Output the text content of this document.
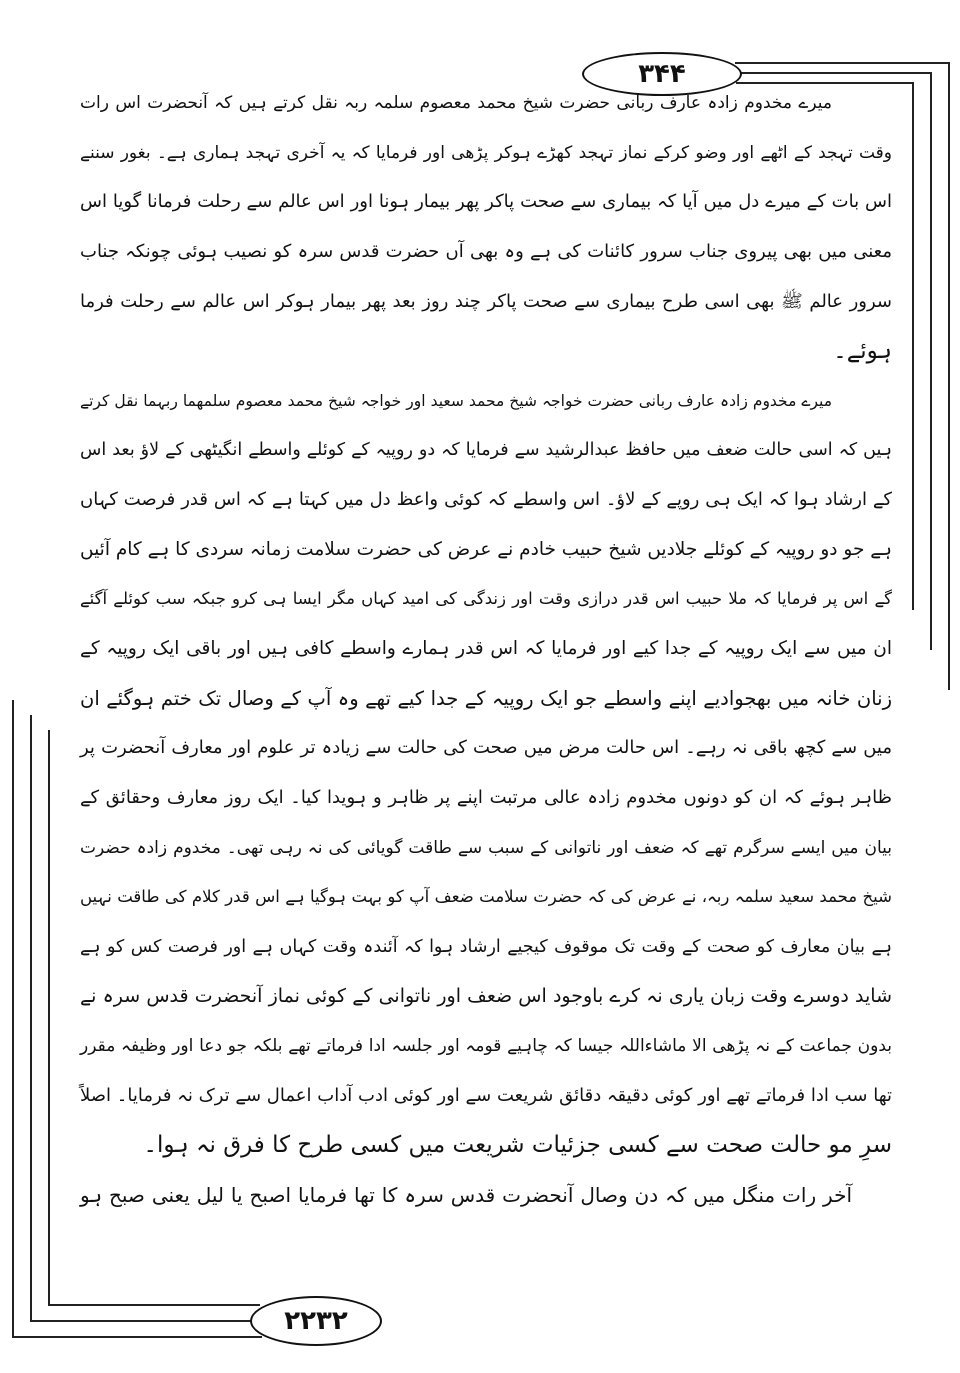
۳۴۴
۲۲۳۲
میرے مخدوم زادہ عارف ربانی حضرت شیخ محمد معصوم سلمہ ربہ نقل کرتے ہیں کہ آنحضرت اس رات
وقت تہجد کے اٹھے اور وضو کرکے نماز تہجد کھڑے ہوکر پڑھی اور فرمایا کہ یہ آخری تہجد ہماری ہے۔ بغور سننے
اس بات کے میرے دل میں آیا کہ بیماری سے صحت پاکر پھر بیمار ہونا اور اس عالم سے رحلت فرمانا گویا اس
معنی میں بھی پیروی جناب سرور کائنات کی ہے وہ بھی آں حضرت قدس سرہ کو نصیب ہوئی چونکہ جناب
سرور عالم ﷺ بھی اسی طرح بیماری سے صحت پاکر چند روز بعد پھر بیمار ہوکر اس عالم سے رحلت فرما
ہوئے۔
میرے مخدوم زادہ عارف ربانی حضرت خواجہ شیخ محمد سعید اور خواجہ شیخ محمد معصوم سلمھما ربہما نقل کرتے
ہیں کہ اسی حالت ضعف میں حافظ عبدالرشید سے فرمایا کہ دو روپیہ کے کوئلے واسطے انگیٹھی کے لاؤ بعد اس
کے ارشاد ہوا کہ ایک ہی روپے کے لاؤ۔ اس واسطے کہ کوئی واعظ دل میں کہتا ہے کہ اس قدر فرصت کہاں
ہے جو دو روپیہ کے کوئلے جلادیں شیخ حبیب خادم نے عرض کی حضرت سلامت زمانہ سردی کا ہے کام آئیں
گے اس پر فرمایا کہ ملا حبیب اس قدر درازی وقت اور زندگی کی امید کہاں مگر ایسا ہی کرو جبکہ سب کوئلے آگئے
ان میں سے ایک روپیہ کے جدا کیے اور فرمایا کہ اس قدر ہمارے واسطے کافی ہیں اور باقی ایک روپیہ کے
زنان خانہ میں بھجوادیے اپنے واسطے جو ایک روپیہ کے جدا کیے تھے وہ آپ کے وصال تک ختم ہوگئے ان
میں سے کچھ باقی نہ رہے۔ اس حالت مرض میں صحت کی حالت سے زیادہ تر علوم اور معارف آنحضرت پر
ظاہر ہوئے کہ ان کو دونوں مخدوم زادہ عالی مرتبت اپنے پر ظاہر و ہویدا کیا۔ ایک روز معارف وحقائق کے
بیان میں ایسے سرگرم تھے کہ ضعف اور ناتوانی کے سبب سے طاقت گویائی کی نہ رہی تھی۔ مخدوم زادہ حضرت
شیخ محمد سعید سلمہ ربہ، نے عرض کی کہ حضرت سلامت ضعف آپ کو بہت ہوگیا ہے اس قدر کلام کی طاقت نہیں
ہے بیان معارف کو صحت کے وقت تک موقوف کیجیے ارشاد ہوا کہ آئندہ وقت کہاں ہے اور فرصت کس کو ہے
شاید دوسرے وقت زبان یاری نہ کرے باوجود اس ضعف اور ناتوانی کے کوئی نماز آنحضرت قدس سرہ نے
بدون جماعت کے نہ پڑھی الا ماشاءاللہ جیسا کہ چاہیے قومہ اور جلسہ ادا فرماتے تھے بلکہ جو دعا اور وظیفہ مقرر
تھا سب ادا فرماتے تھے اور کوئی دقیقہ دقائق شریعت سے اور کوئی ادب آداب اعمال سے ترک نہ فرمایا۔ اصلاً
سرِ مو حالت صحت سے کسی جزئیات شریعت میں کسی طرح کا فرق نہ ہوا۔
آخر رات منگل میں کہ دن وصال آنحضرت قدس سرہ کا تھا فرمایا اصبح یا لیل یعنی صبح ہو
